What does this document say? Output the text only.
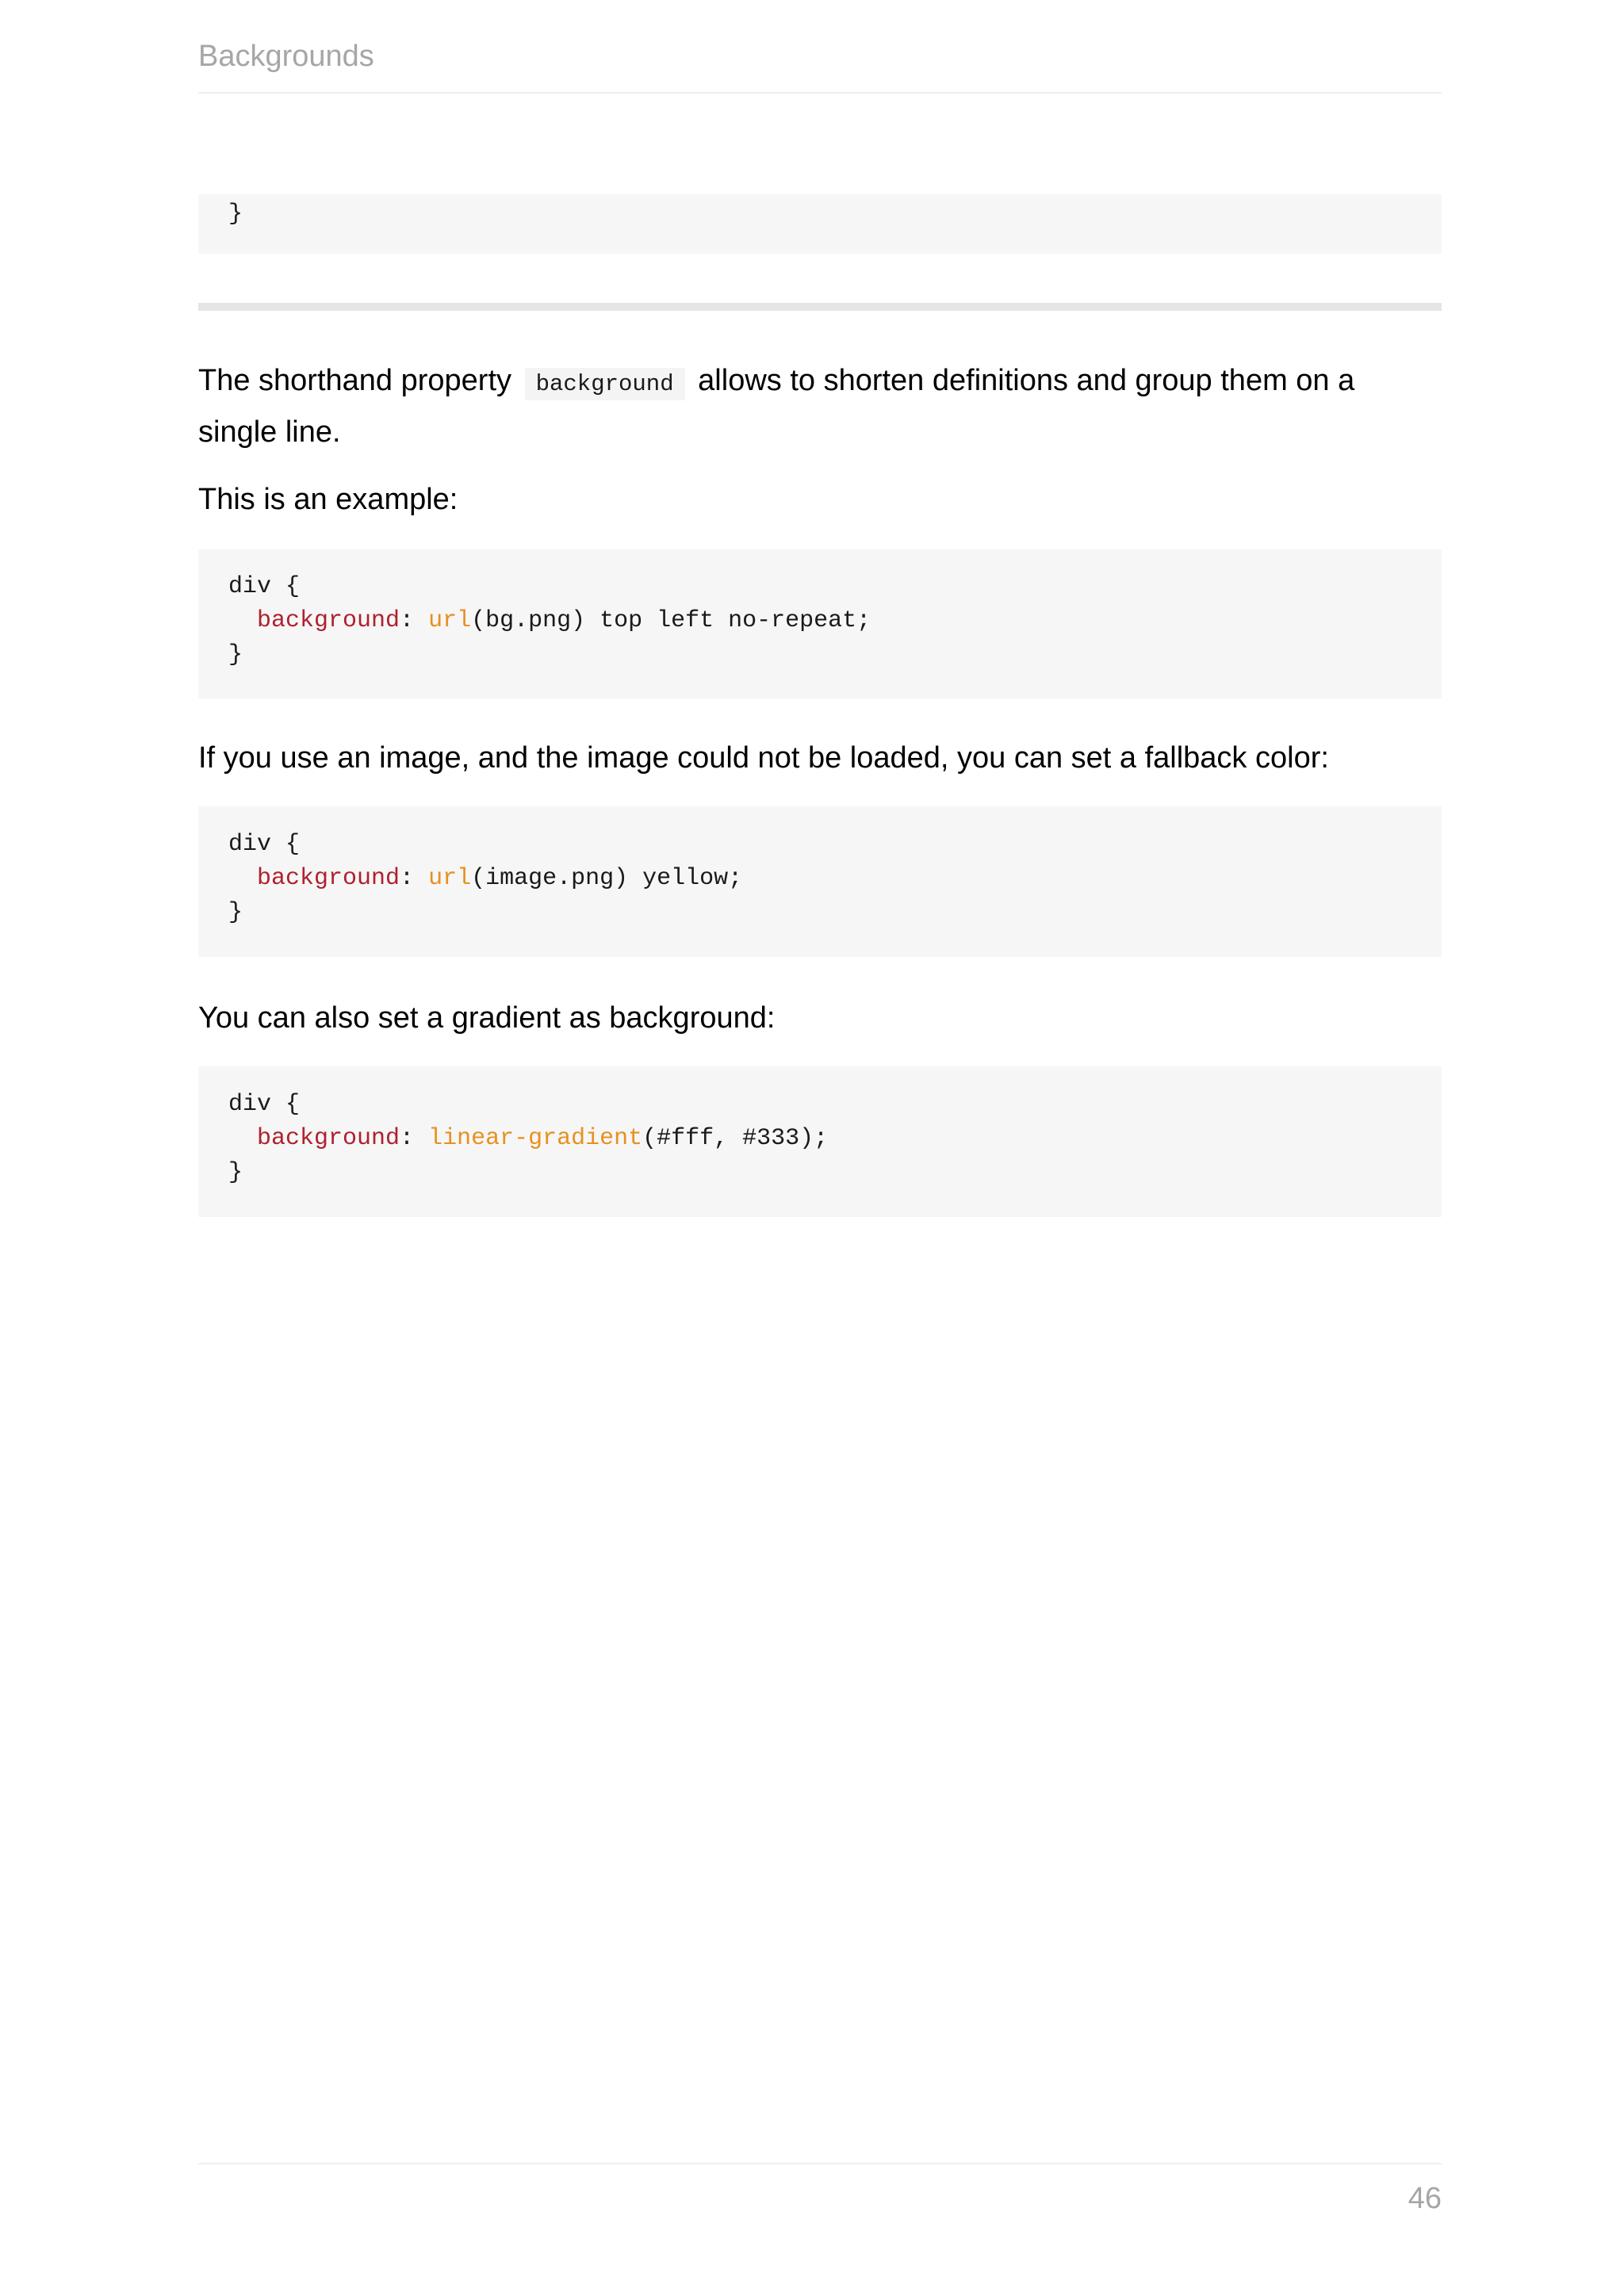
Backgrounds
}

The shorthand property background allows to shorten definitions and group them on a single line.

This is an example:

div {
background: url(bg.png) top left no-repeat;
}

If you use an image, and the image could not be loaded, you can set a fallback color:

div {
background: url(image.png) yellow;
}

You can also set a gradient as background:

div {
background: linear-gradient(#fff, #333);
}
46
